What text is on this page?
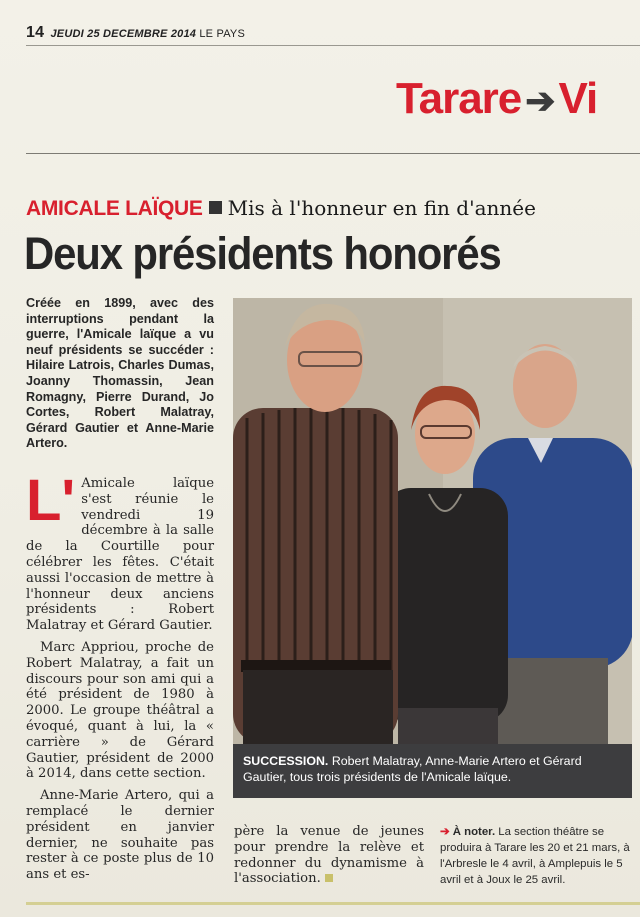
14 JEUDI 25 DECEMBRE 2014 LE PAYS
Tarare ➔Vi
AMICALE LAÏQUE Mis à l'honneur en fin d'année
Deux présidents honorés
Créée en 1899, avec des interruptions pendant la guerre, l'Amicale laïque a vu neuf présidents se succéder : Hilaire Latrois, Charles Dumas, Joanny Thomassin, Jean Romagny, Pierre Durand, Jo Cortes, Robert Malatray, Gérard Gautier et Anne-Marie Artero.

L' Amicale laïque s'est réunie le vendredi 19 décembre à la salle de la Courtille pour célébrer les fêtes. C'était aussi l'occasion de mettre à l'honneur deux anciens présidents : Robert Malatray et Gérard Gautier.

Marc Appriou, proche de Robert Malatray, a fait un discours pour son ami qui a été président de 1980 à 2000. Le groupe théâtral a évoqué, quant à lui, la « carrière » de Gérard Gautier, président de 2000 à 2014, dans cette section.

Anne-Marie Artero, qui a remplacé le dernier président en janvier dernier, ne souhaite pas rester à ce poste plus de 10 ans et es-

SUCCESSION. Robert Malatray, Anne-Marie Artero et Gérard Gautier, tous trois présidents de l'Amicale laïque.
➔ À noter. La section théâtre se produira à Tarare les 20 et 21 mars, à l'Arbresle le 4 avril, à Amplepuis le 5 avril et à Joux le 25 avril.

père la venue de jeunes pour prendre la relève et redonner du dynamisme à l'association.
